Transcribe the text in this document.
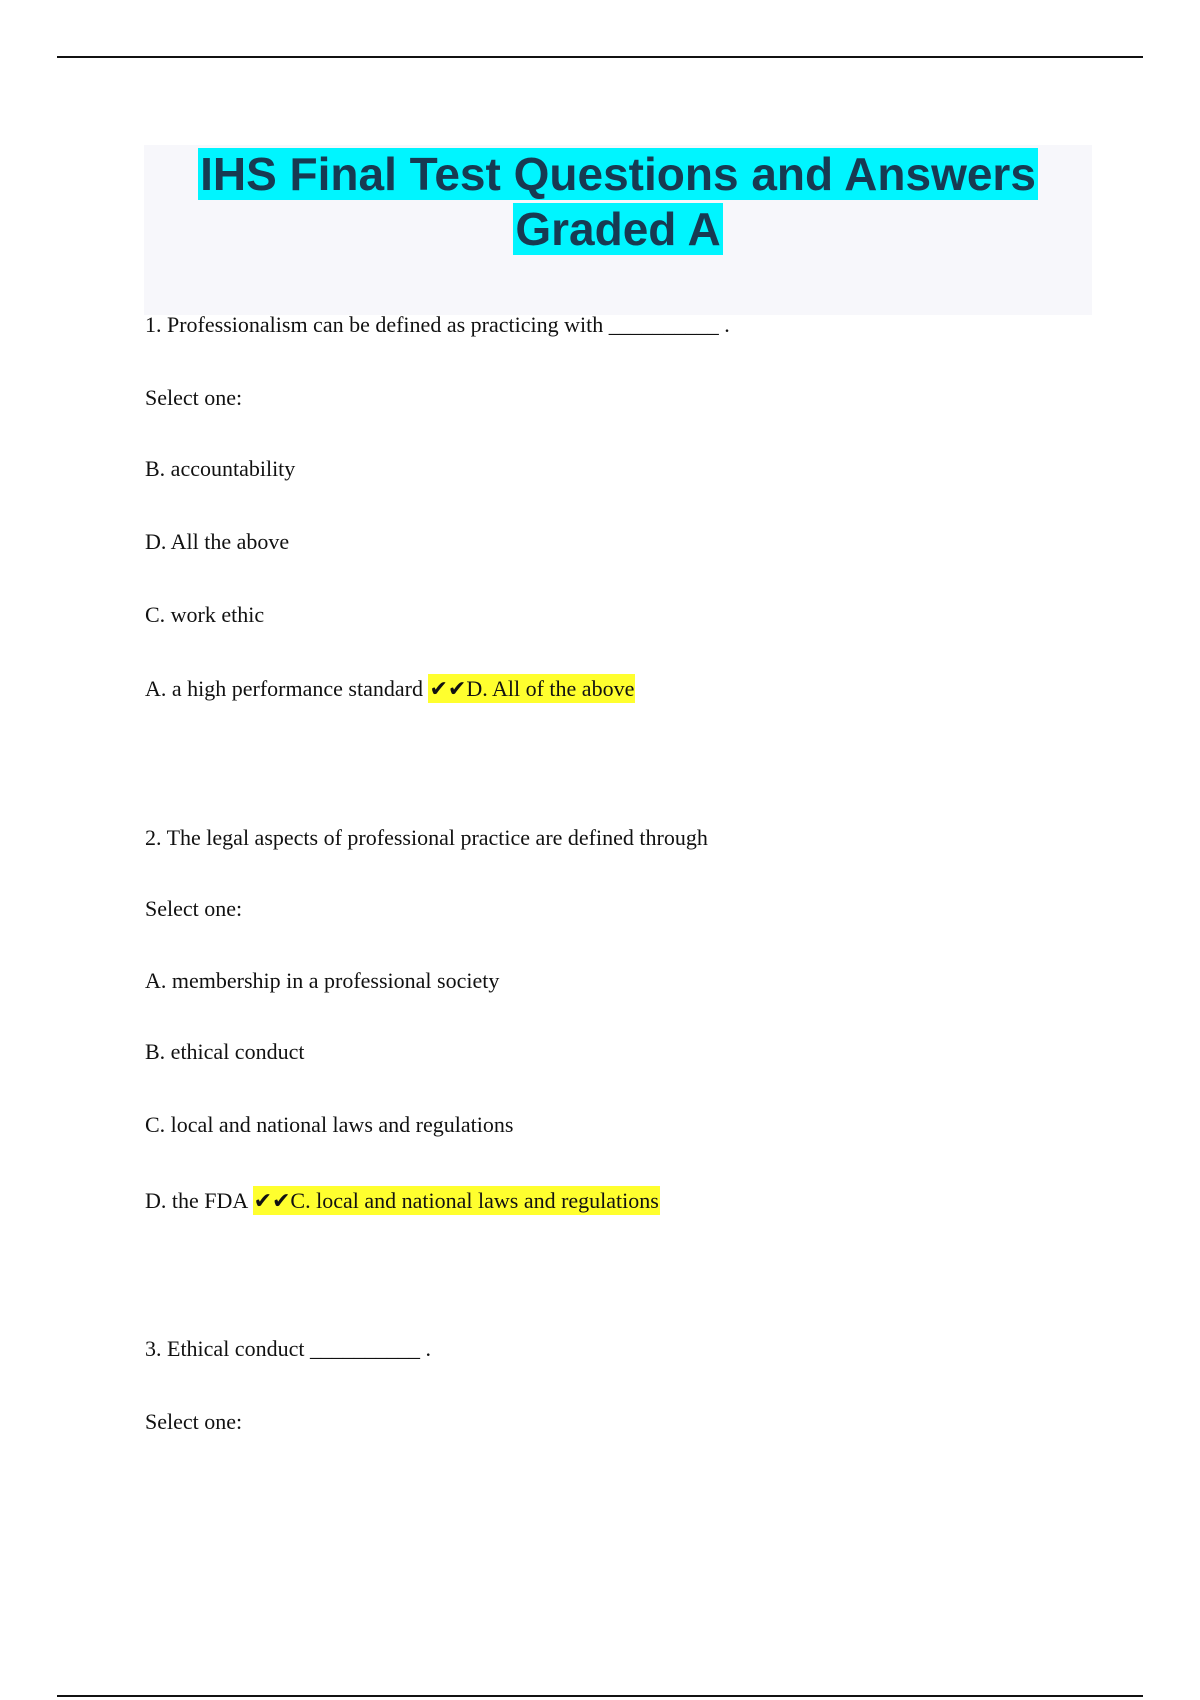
IHS Final Test Questions and Answers
Graded A
1. Professionalism can be defined as practicing with __________ .
Select one:
B. accountability
D. All the above
C. work ethic
A. a high performance standard ✔✔D. All of the above
2. The legal aspects of professional practice are defined through
Select one:
A. membership in a professional society
B. ethical conduct
C. local and national laws and regulations
D. the FDA ✔✔C. local and national laws and regulations
3. Ethical conduct __________ .
Select one:
